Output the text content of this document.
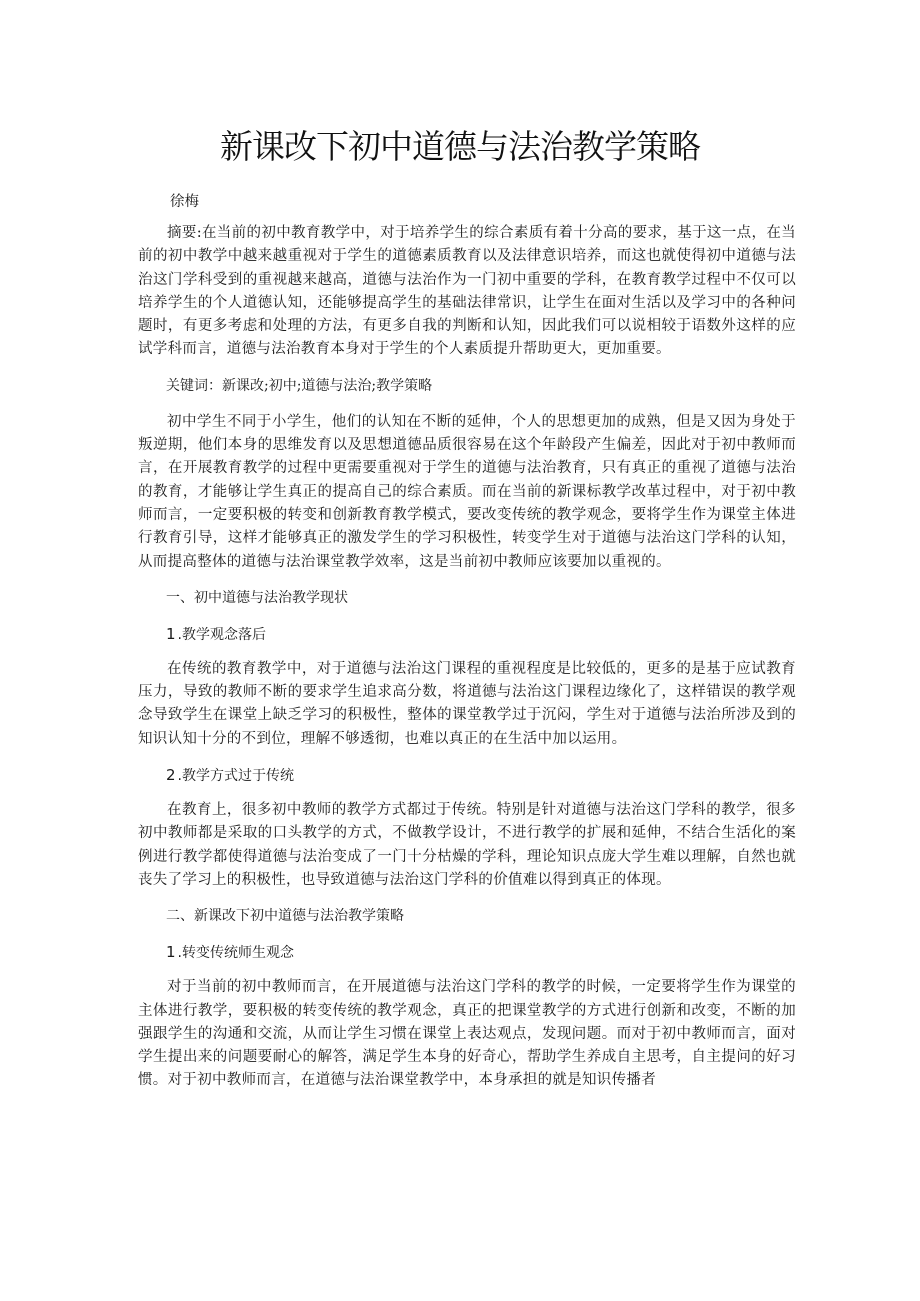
新课改下初中道德与法治教学策略
徐梅

摘要:在当前的初中教育教学中，对于培养学生的综合素质有着十分高的要求，基于这一点，在当前的初中教学中越来越重视对于学生的道德素质教育以及法律意识培养，而这也就使得初中道德与法治这门学科受到的重视越来越高，道德与法治作为一门初中重要的学科，在教育教学过程中不仅可以培养学生的个人道德认知，还能够提高学生的基础法律常识，让学生在面对生活以及学习中的各种问题时，有更多考虑和处理的方法，有更多自我的判断和认知，因此我们可以说相较于语数外这样的应试学科而言，道德与法治教育本身对于学生的个人素质提升帮助更大，更加重要。

关键词：新课改;初中;道德与法治;教学策略

初中学生不同于小学生，他们的认知在不断的延伸，个人的思想更加的成熟，但是又因为身处于叛逆期，他们本身的思维发育以及思想道德品质很容易在这个年龄段产生偏差，因此对于初中教师而言，在开展教育教学的过程中更需要重视对于学生的道德与法治教育，只有真正的重视了道德与法治的教育，才能够让学生真正的提高自己的综合素质。而在当前的新课标教学改革过程中，对于初中教师而言，一定要积极的转变和创新教育教学模式，要改变传统的教学观念，要将学生作为课堂主体进行教育引导，这样才能够真正的激发学生的学习积极性，转变学生对于道德与法治这门学科的认知，从而提高整体的道德与法治课堂教学效率，这是当前初中教师应该要加以重视的。

一、初中道德与法治教学现状

1 .教学观念落后

在传统的教育教学中，对于道德与法治这门课程的重视程度是比较低的，更多的是基于应试教育压力，导致的教师不断的要求学生追求高分数，将道德与法治这门课程边缘化了，这样错误的教学观念导致学生在课堂上缺乏学习的积极性，整体的课堂教学过于沉闷，学生对于道德与法治所涉及到的知识认知十分的不到位，理解不够透彻，也难以真正的在生活中加以运用。

2 .教学方式过于传统

在教育上，很多初中教师的教学方式都过于传统。特别是针对道德与法治这门学科的教学，很多初中教师都是采取的口头教学的方式，不做教学设计，不进行教学的扩展和延伸，不结合生活化的案例进行教学都使得道德与法治变成了一门十分枯燥的学科，理论知识点庞大学生难以理解，自然也就丧失了学习上的积极性，也导致道德与法治这门学科的价值难以得到真正的体现。

二、新课改下初中道德与法治教学策略

1 .转变传统师生观念

对于当前的初中教师而言，在开展道德与法治这门学科的教学的时候，一定要将学生作为课堂的主体进行教学，要积极的转变传统的教学观念，真正的把课堂教学的方式进行创新和改变，不断的加强跟学生的沟通和交流，从而让学生习惯在课堂上表达观点，发现问题。而对于初中教师而言，面对学生提出来的问题要耐心的解答，满足学生本身的好奇心，帮助学生养成自主思考，自主提问的好习惯。对于初中教师而言，在道德与法治课堂教学中，本身承担的就是知识传播者
